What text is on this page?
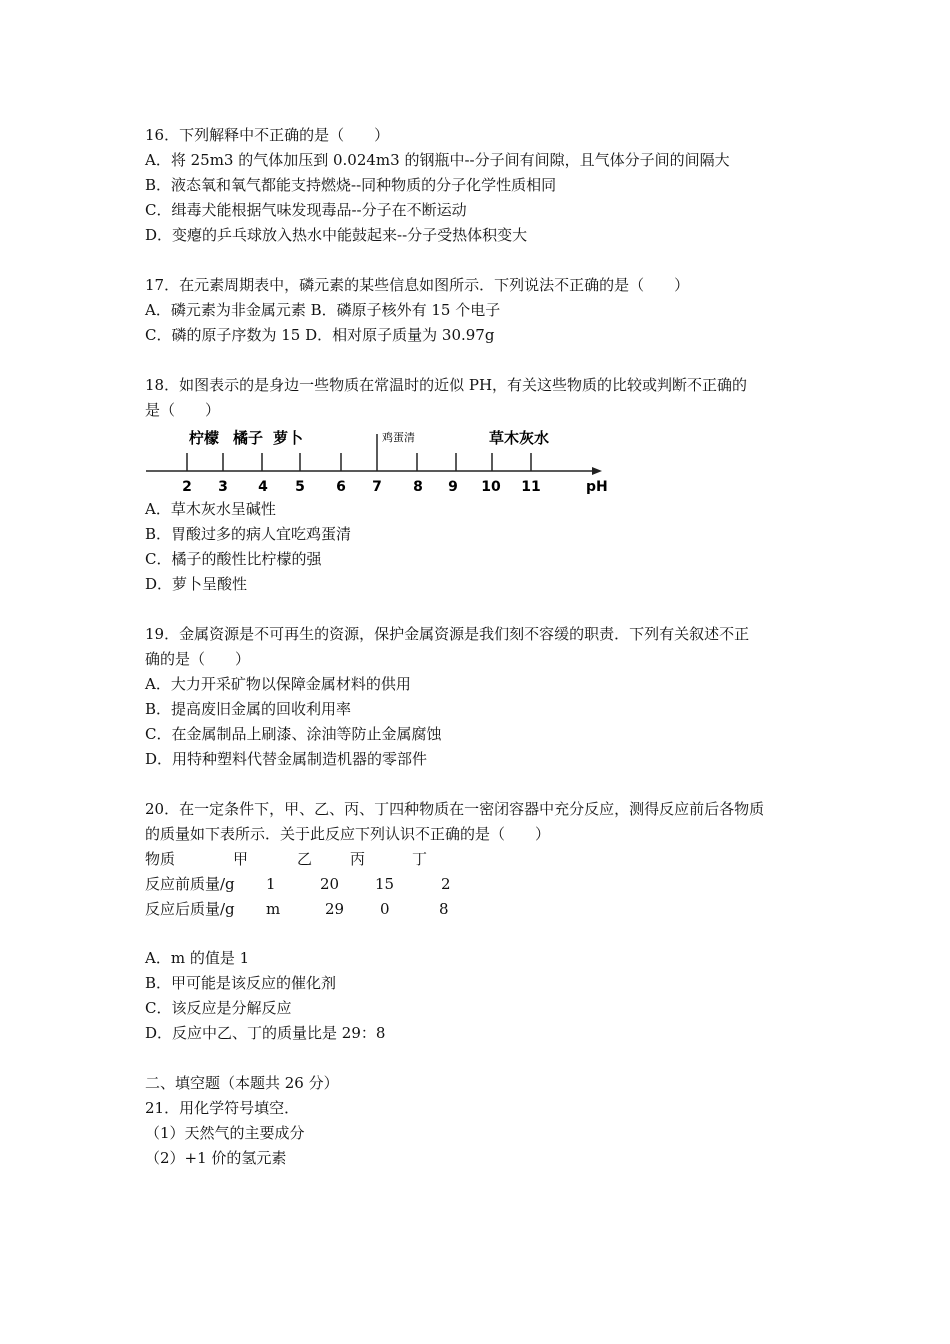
16．下列解释中不正确的是（　　）
A．将 25m3 的气体加压到 0.024m3 的钢瓶中--分子间有间隙，且气体分子间的间隔大
B．液态氧和氧气都能支持燃烧--同种物质的分子化学性质相同
C．缉毒犬能根据气味发现毒品--分子在不断运动
D．变瘪的乒乓球放入热水中能鼓起来--分子受热体积变大
17．在元素周期表中，磷元素的某些信息如图所示．下列说法不正确的是（　　）
A．磷元素为非金属元素 B．磷原子核外有 15 个电子
C．磷的原子序数为 15 D．相对原子质量为 30.97g
18．如图表示的是身边一些物质在常温时的近似 PH，有关这些物质的比较或判断不正确的
是（　　）
柠檬 橘子 萝卜	鸡蛋清	草木灰水
2 3 4 5 6 7 8 9 10 11	pH
A．草木灰水呈碱性
B．胃酸过多的病人宜吃鸡蛋清
C．橘子的酸性比柠檬的强
D．萝卜呈酸性
19．金属资源是不可再生的资源，保护金属资源是我们刻不容缓的职责．下列有关叙述不正
确的是（　　）
A．大力开采矿物以保障金属材料的供用
B．提高废旧金属的回收利用率
C．在金属制品上刷漆、涂油等防止金属腐蚀
D．用特种塑料代替金属制造机器的零部件
20．在一定条件下，甲、乙、丙、丁四种物质在一密闭容器中充分反应，测得反应前后各物质
的质量如下表所示．关于此反应下列认识不正确的是（　　）
物质	甲	乙	丙	丁
反应前质量/g 1	20 15	2
反应后质量/g m	29 0	8
A．m 的值是 1
B．甲可能是该反应的催化剂
C．该反应是分解反应
D．反应中乙、丁的质量比是 29：8
二、填空题（本题共 26 分）
21．用化学符号填空．
（1）天然气的主要成分
（2）+1 价的氢元素
